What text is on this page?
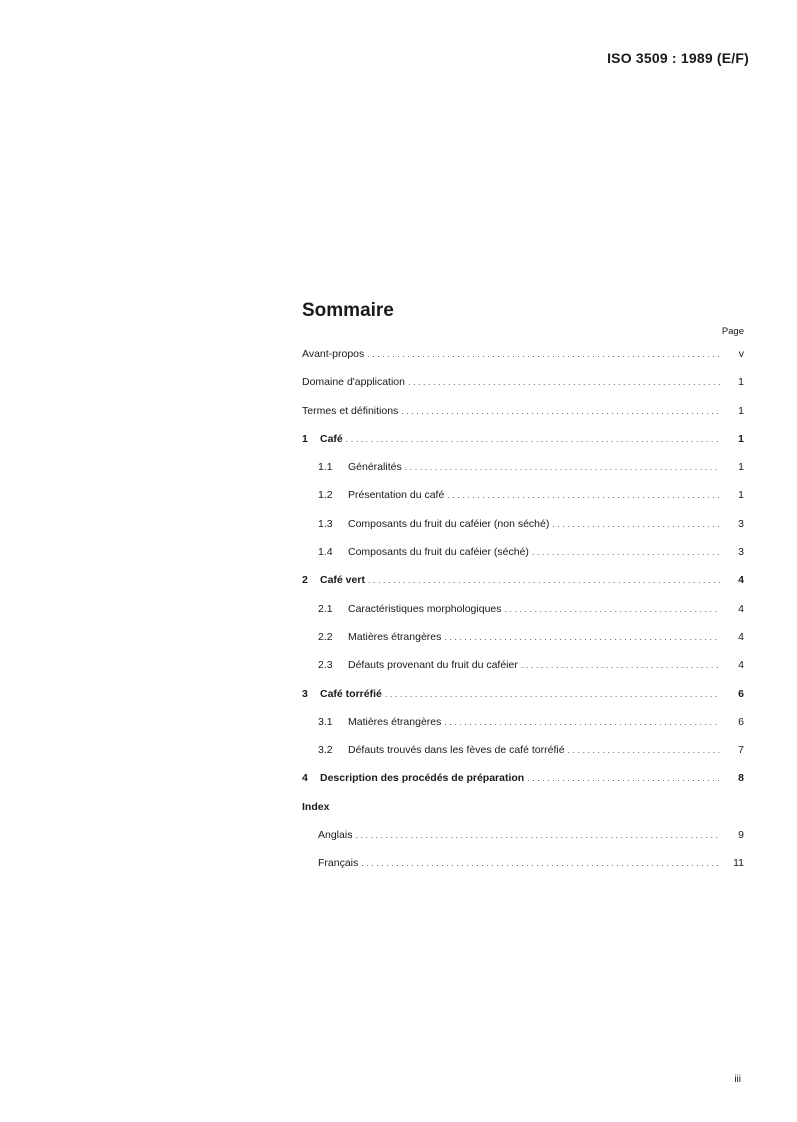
ISO 3509 : 1989 (E/F)
Sommaire
Page
Avant-propos . . .	v
Domaine d'application . . .	1
Termes et définitions . . .	1
1	Café . . .	1
1.1	Généralités . . .	1
1.2	Présentation du café . . .	1
1.3	Composants du fruit du caféier (non séché) . . .	3
1.4	Composants du fruit du caféier (séché) . . .	3
2	Café vert . . .	4
2.1	Caractéristiques morphologiques . . .	4
2.2	Matières étrangères . . .	4
2.3	Défauts provenant du fruit du caféier . . .	4
3	Café torréfié . . .	6
3.1	Matières étrangères . . .	6
3.2	Défauts trouvés dans les fèves de café torréfié . . .	7
4	Description des procédés de préparation . . .	8
Index
Anglais . . .	9
Français . . .	11
iii
